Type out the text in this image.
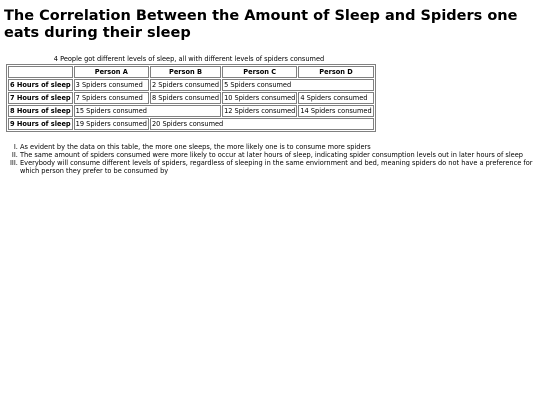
The Correlation Between the Amount of Sleep and Spiders one eats during their sleep
4 People got different levels of sleep, all with different levels of spiders consumed
	Person A	Person B	Person C	Person D
6 Hours of sleep	3 Spiders consumed	2 Spiders consumed	5 Spiders consumed	
7 Hours of sleep	7 Spiders consumed	8 Spiders consumed	10 Spiders consumed	4 Spiders consumed
8 Hours of sleep	15 Spiders consumed		12 Spiders consumed	14 Spiders consumed
9 Hours of sleep	19 Spiders consumed	20 Spiders consumed		
I. As evident by the data on this table, the more one sleeps, the more likely one is to consume more spiders
II. The same amount of spiders consumed were more likely to occur at later hours of sleep, indicating spider consumption levels out in later hours of sleep
III. Everybody will consume different levels of spiders, regardless of sleeping in the same enviornment and bed, meaning spiders do not have a preference for which person they prefer to be consumed by
